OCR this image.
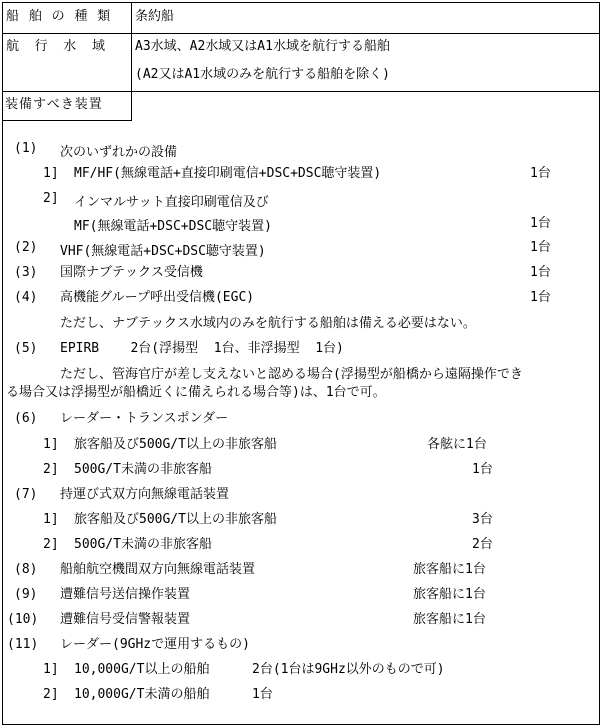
船 舶 の 種 類 条約船
航  行  水  域 A3水域、A2水域又はA1水域を航行する船舶
(A2又はA1水域のみを航行する船舶を除く)
装備すべき装置
(1) 次のいずれかの設備
1] MF/HF(無線電話+直接印刷電信+DSC+DSC聴守装置)	1台
2] インマルサット直接印刷電信及び
MF(無線電話+DSC+DSC聴守装置)	1台
(2) VHF(無線電話+DSC+DSC聴守装置)	1台
(3) 国際ナブテックス受信機	1台
(4) 高機能グループ呼出受信機(EGC)	1台
ただし、ナブテックス水域内のみを航行する船舶は備える必要はない。
(5) EPIRB    2台(浮揚型  1台、非浮揚型  1台)
ただし、管海官庁が差し支えないと認める場合(浮揚型が船橋から遠隔操作でき
る場合又は浮揚型が船橋近くに備えられる場合等)は、1台で可。
(6) レーダー・トランスポンダー
1] 旅客船及び500G/T以上の非旅客船	各舷に1台
2] 500G/T未満の非旅客船	1台
(7) 持運び式双方向無線電話装置
1] 旅客船及び500G/T以上の非旅客船	3台
2] 500G/T未満の非旅客船	2台
(8) 船舶航空機間双方向無線電話装置	旅客船に1台
(9) 遭難信号送信操作装置	旅客船に1台
(10) 遭難信号受信警報装置	旅客船に1台
(11) レーダー(9GHzで運用するもの)
1] 10,000G/T以上の船舶	2台(1台は9GHz以外のもので可)
2] 10,000G/T未満の船舶	1台
